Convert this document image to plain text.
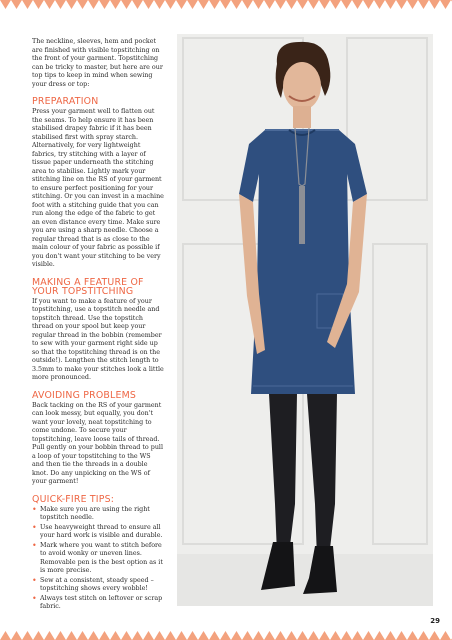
The neckline, sleeves, hem and pocket are finished with visible topstitching on the front of your garment. Topstitching can be tricky to master, but here are our top tips to keep in mind when sewing your dress or top:

PREPARATION

Press your garment well to flatten out the seams. To help ensure it has been stabilised drapey fabric if it has been stabilised first with spray starch. Alternatively, for very lightweight fabrics, try stitching with a layer of tissue paper underneath the stitching area to stabilise. Lightly mark your stitching line on the RS of your garment to ensure perfect positioning for your stitching. Or you can invest in a machine foot with a stitching guide that you can run along the edge of the fabric to get an even distance every time. Make sure you are using a sharp needle. Choose a regular thread that is as close to the main colour of your fabric as possible if you don't want your stitching to be very visible.

MAKING A FEATURE OF YOUR TOPSTITCHING

If you want to make a feature of your topstitching, use a topstitch needle and topstitch thread. Use the topstitch thread on your spool but keep your regular thread in the bobbin (remember to sew with your garment right side up so that the topstitching thread is on the outside!). Lengthen the stitch length to 3.5mm to make your stitches look a little more pronounced.

AVOIDING PROBLEMS

Back tacking on the RS of your garment can look messy, but equally, you don't want your lovely, neat topstitching to come undone. To secure your topstitching, leave loose tails of thread. Pull gently on your bobbin thread to pull a loop of your topstitching to the WS and then tie the threads in a double knot. Do any unpicking on the WS of your garment!

QUICK-FIRE TIPS:
• Make sure you are using the right topstitch needle.
• Use heavyweight thread to ensure all your hard work is visible and durable.
• Mark where you want to stitch before to avoid wonky or uneven lines. Removable pen is the best option as it is more precise.
• Sew at a consistent, steady speed – topstitching shows every wobble!
• Always test stitch on leftover or scrap fabric.
29
